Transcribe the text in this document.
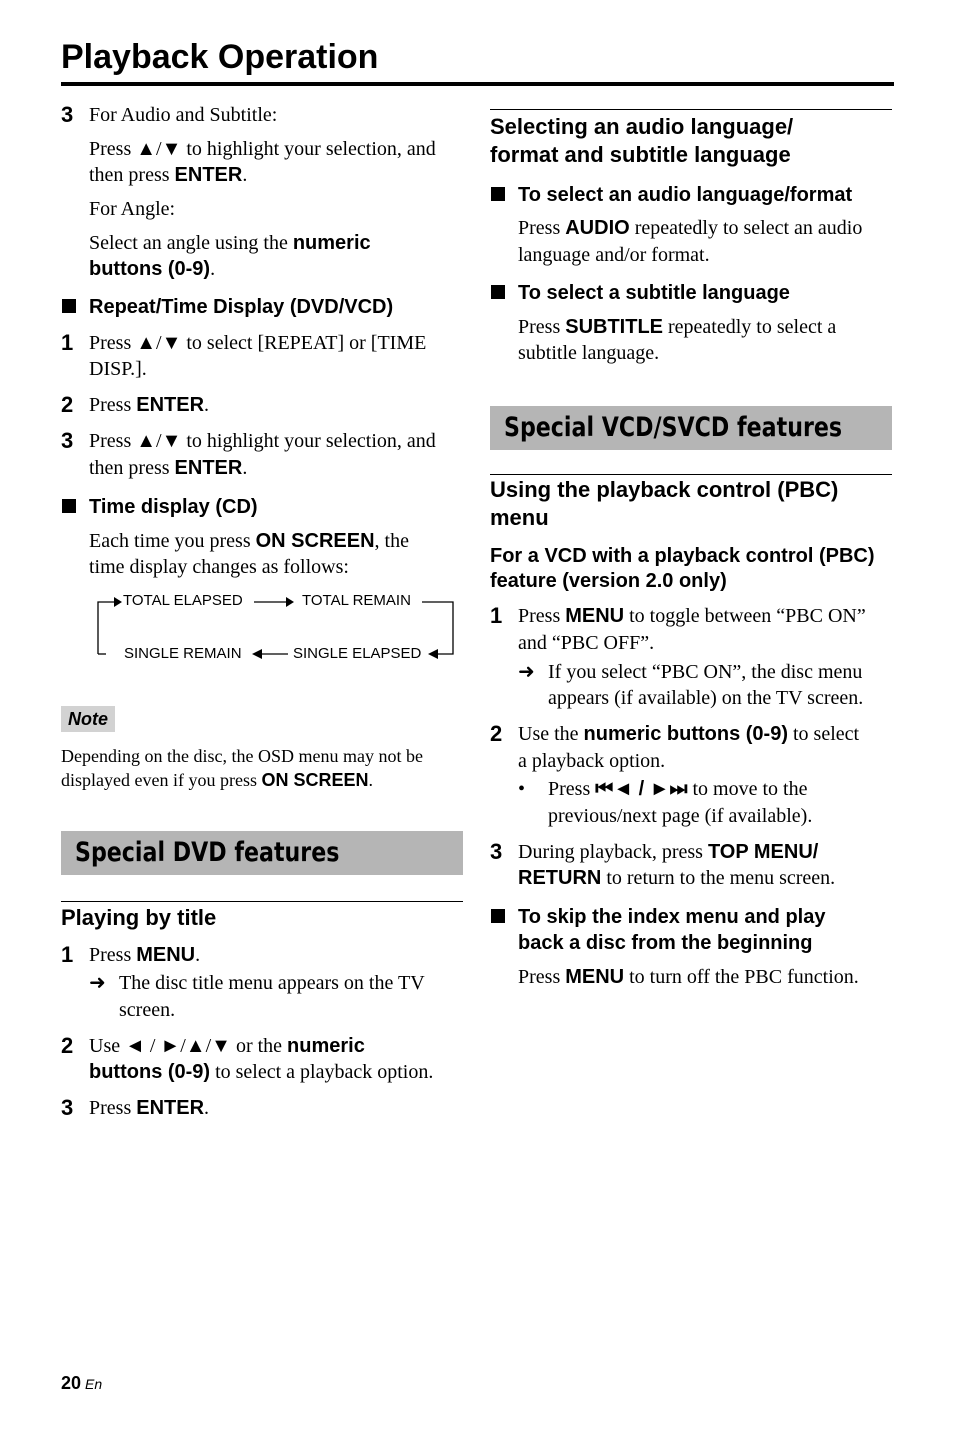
Playback Operation
3 For Audio and Subtitle:
Press ▲/▼ to highlight your selection, and
then press ENTER.
For Angle:
Select an angle using the numeric
buttons (0-9).
Repeat/Time Display (DVD/VCD)
1 Press ▲/▼ to select [REPEAT] or [TIME
DISP.].
2 Press ENTER.
3 Press ▲/▼ to highlight your selection, and
then press ENTER.
Time display (CD)
Each time you press ON SCREEN, the
time display changes as follows:
TOTAL ELAPSED	TOTAL REMAIN
SINGLE REMAIN	SINGLE ELAPSED
Note
Depending on the disc, the OSD menu may not be
displayed even if you press ON SCREEN.
Special DVD features
Playing by title
1 Press MENU.
➜ The disc title menu appears on the TV
screen.
2 Use ◄ / ►/▲/▼ or the numeric
buttons (0-9) to select a playback option.
3 Press ENTER.
Selecting an audio language/
format and subtitle language
To select an audio language/format
Press AUDIO repeatedly to select an audio
language and/or format.
To select a subtitle language
Press SUBTITLE repeatedly to select a
subtitle language.
Special VCD/SVCD features
Using the playback control (PBC)
menu
For a VCD with a playback control (PBC)
feature (version 2.0 only)
1 Press MENU to toggle between “PBC ON”
and “PBC OFF”.
➜ If you select “PBC ON”, the disc menu
appears (if available) on the TV screen.
2 Use the numeric buttons (0-9) to select
a playback option.
• Press ⏮◄ / ►⏭ to move to the
previous/next page (if available).
3 During playback, press TOP MENU/
RETURN to return to the menu screen.
To skip the index menu and play
back a disc from the beginning
Press MENU to turn off the PBC function.
20 En
